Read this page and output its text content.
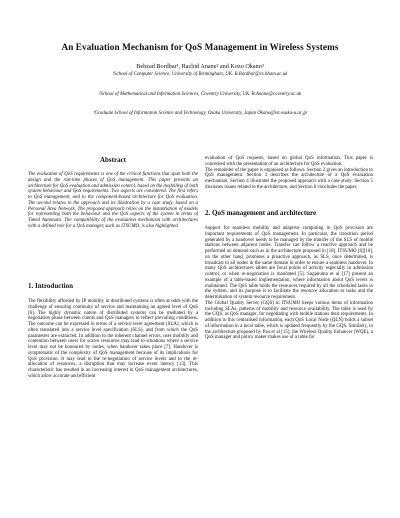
An Evaluation Mechanism for QoS Management in Wireless Systems
Behzad Bordbar¹, Rachid Anane² and Kozo Okano³
¹School of Computer Science, University of Birmingham, UK. B.Bordbar@cs.bham.ac.uk
²School of Mathematical and Information Sciences, Coventry University, UK. R.Anane@coventry.ac.uk
³Graduate School of Information Science and Technology, Osaka University, Japan Okano@ist.osaka-u.ac.jp
Abstract
The evaluation of QoS requirements is one of the critical functions that span both the design and the run-time phases of QoS management. This paper presents an architecture for QoS evaluation and admission control, based on the modelling of both system behaviour and QoS requirements. Two aspects are considered. The first refers to QoS management, and to the component-based architecture for QoS evaluation. The second relates to the approach and its illustration by a case study, based on a Personal Area Network. The proposed approach relies on the instantiation of models for representing both the behaviour and the QoS aspects of the system in terms of Timed Automata. The compatibility of the evaluation mechanism with architectures with a defined role for a QoS manager, such as ITSUMO, is also highlighted.
1. Introduction
The flexibility afforded by IP mobility in distributed systems is often at odds with the challenge of ensuring continuity of service and maintaining an agreed level of QoS [6]. The highly dynamic nature of distributed systems can be mediated by a negotiation phase between clients and QoS managers to reflect prevailing conditions. The outcome can be expressed in terms of a service level agreement (SLA), which is often translated into a service level specification (SLS), and from which the QoS parameters are extracted. In addition to the inherent channel errors, user mobility and contention between users for scarce resources may lead to situations where a service level may not be honoured by nodes, when handover takes place [7]. Handover is symptomatic of the complexity of QoS management because of its implications for QoS provision. It may lead to the re-negotiation of service levels and to the re-allocation of resources, a disruption that may increase event latency [13]. This characteristic has resulted in an increasing interest in QoS management architectures, which allow accurate and efficient

evaluation of QoS requests, based on global QoS information. This paper is concerned with the presentation of an architecture for QoS evaluation.

The remainder of the paper is organised as follows. Section 2 gives an introduction to QoS management. Section 3 describes the architecture of a QoS evaluation mechanism. Section 4 illustrates the proposed approach with a case study. Section 5 discusses issues related to the architecture, and Section 6 concludes the paper.

2. QoS management and architecture

Support for seamless mobility and adaptive computing in QoS provision are important requirements of QoS management. In particular, the transition period generated by a handover needs to be managed by the transfer of the SLS of mobile stations between adjacent nodes. Transfer can follow a reactive approach and be performed on demand such as in the architecture proposed in [18]. ITSUMO [8][10], on the other hand, promotes a proactive approach, as SLS, once determined, is broadcast to all nodes in the same domain in order to ensure a seamless handover. In many QoS architectures tables are focal points of activity especially in admission control, or when re-negotiation is mandated [5]. Suganuma et al [17] present an example of a table-based implementation, where information about QoS levels is maintained. The QoS table holds the resources required by all the scheduled tasks in the system, and its purpose is to facilitate the resource allocation to tasks and the determination of system resource requirement.

The Global Quality Server (GQS) in ITSUMO keeps various items of information including SLAs, patterns of mobility and resource availability. The table is used by the GQS, as QoS manager, for negotiating with mobile stations their requirements. In addition to this centralised information, each QoS Local Node (QLN) holds a subset of information in a local table, which is updated frequently by the GQS. Similarly, in the architecture proposed by Pau et al [15], the Wireless Quality Enhancer (WQE), a QoS manager and policy maker makes use of a table for
